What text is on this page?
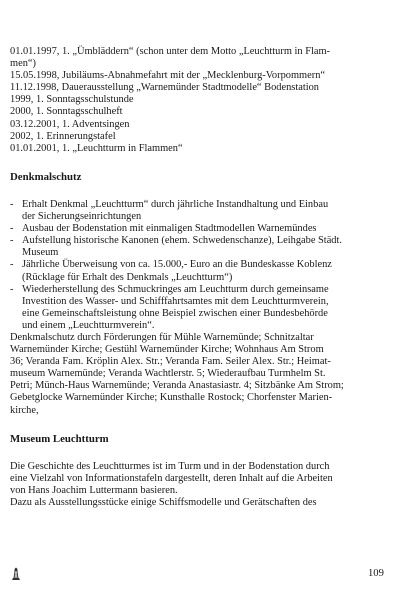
01.01.1997, 1. „Ümbläddern“ (schon unter dem Motto „Leuchtturm in Flam-
men“)
15.05.1998, Jubiläums-Abnahmefahrt mit der „Mecklenburg-Vorpommern“
11.12.1998, Dauerausstellung „Warnemünder Stadtmodelle“ Bodenstation
1999, 1. Sonntagsschulstunde
2000, 1. Sonntagsschulheft
03.12.2001, 1. Adventsingen
2002, 1. Erinnerungstafel
01.01.2001, 1. „Leuchtturm in Flammen“
Denkmalschutz
- Erhalt Denkmal „Leuchtturm“ durch jährliche Instandhaltung und Einbau
der Sicherungseinrichtungen
- Ausbau der Bodenstation mit einmaligen Stadtmodellen Warnemündes
- Aufstellung historische Kanonen (ehem. Schwedenschanze), Leihgabe Städt.
Museum
- Jährliche Überweisung von ca. 15.000,- Euro an die Bundeskasse Koblenz
(Rücklage für Erhalt des Denkmals „Leuchtturm“)
- Wiederherstellung des Schmuckringes am Leuchtturm durch gemeinsame
Investition des Wasser- und Schifffahrtsamtes mit dem Leuchtturmverein,
eine Gemeinschaftsleistung ohne Beispiel zwischen einer Bundesbehörde
und einem „Leuchtturmverein“.
Denkmalschutz durch Förderungen für Mühle Warnemünde; Schnitzaltar
Warnemünder Kirche; Gestühl Warnemünder Kirche; Wohnhaus Am Strom
36; Veranda Fam. Kröplin Alex. Str.; Veranda Fam. Seiler Alex. Str.; Heimat-
museum Warnemünde; Veranda Wachtlerstr. 5; Wiederaufbau Turmhelm St.
Petri; Münch-Haus Warnemünde; Veranda Anastasiastr. 4; Sitzbänke Am Strom;
Gebetglocke Warnemünder Kirche; Kunsthalle Rostock; Chorfenster Marien-
kirche,
Museum Leuchtturm
Die Geschichte des Leuchtturmes ist im Turm und in der Bodenstation durch
eine Vielzahl von Informationstafeln dargestellt, deren Inhalt auf die Arbeiten
von Hans Joachim Luttermann basieren.
Dazu als Ausstellungsstücke einige Schiffsmodelle und Gerätschaften des
109
